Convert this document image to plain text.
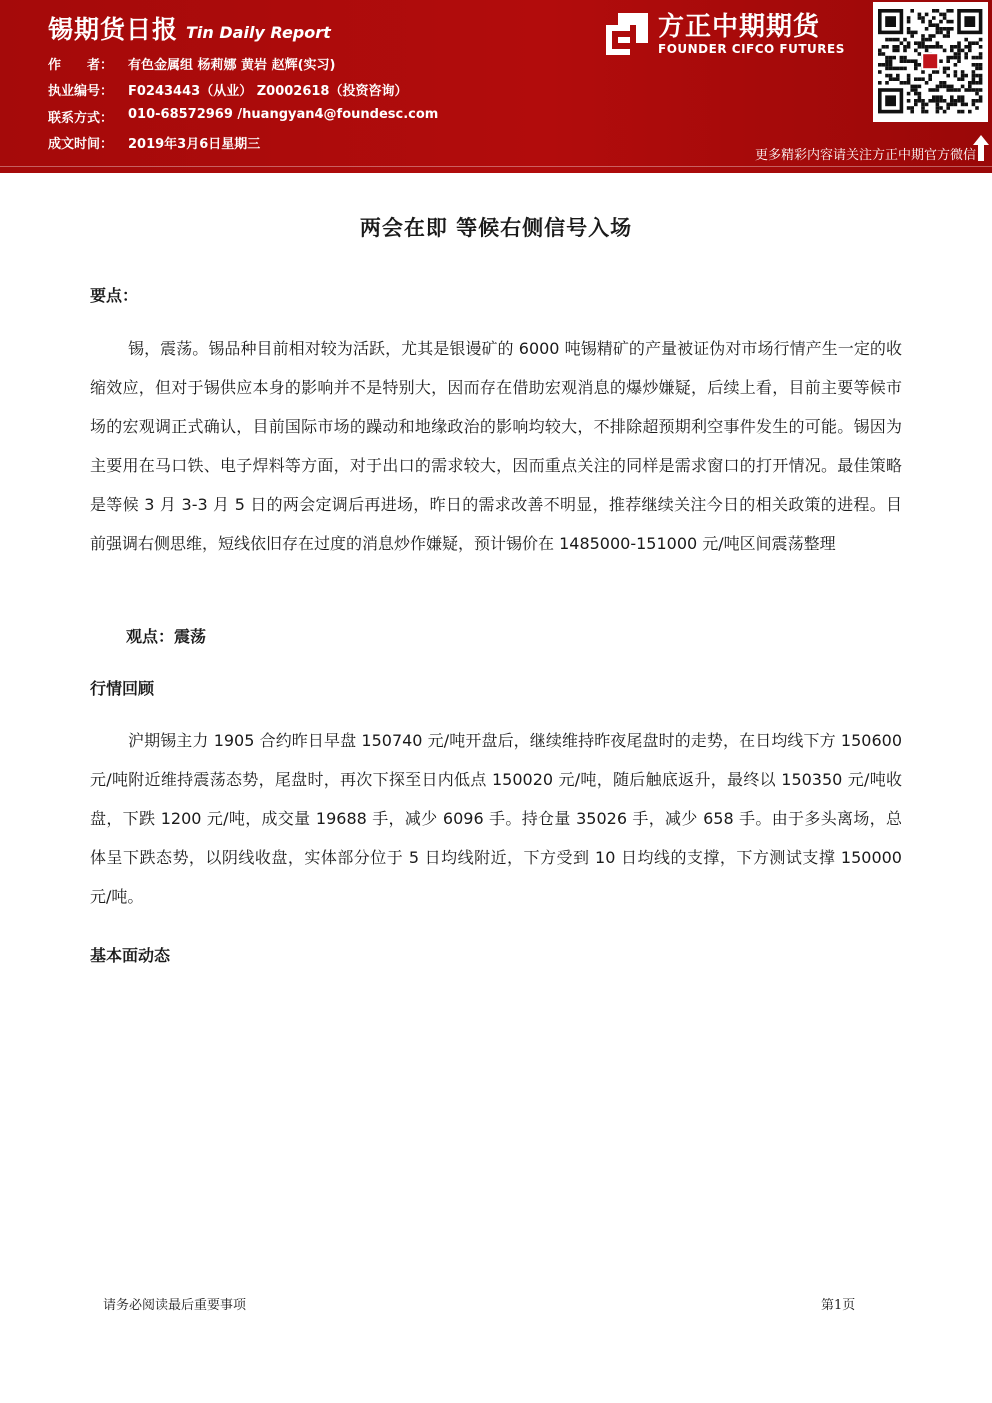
锡期货日报 Tin Daily Report
作　　者：	有色金属组 杨莉娜 黄岩 赵辉(实习)
执业编号：	F0243443（从业） Z0002618（投资咨询）
联系方式：	010-68572969 /huangyan4@foundesc.com
成文时间：	2019年3月6日星期三
方正中期期货
FOUNDER CIFCO FUTURES
更多精彩内容请关注方正中期官方微信
两会在即 等候右侧信号入场
要点：

锡，震荡。锡品种目前相对较为活跃，尤其是银谩矿的 6000 吨锡精矿的产量被证伪对市场行情产生一定的收缩效应，但对于锡供应本身的影响并不是特别大，因而存在借助宏观消息的爆炒嫌疑，后续上看，目前主要等候市场的宏观调正式确认，目前国际市场的躁动和地缘政治的影响均较大，不排除超预期利空事件发生的可能。锡因为主要用在马口铁、电子焊料等方面，对于出口的需求较大，因而重点关注的同样是需求窗口的打开情况。最佳策略是等候 3 月 3-3 月 5 日的两会定调后再进场，昨日的需求改善不明显，推荐继续关注今日的相关政策的进程。目前强调右侧思维，短线依旧存在过度的消息炒作嫌疑，预计锡价在 1485000-151000 元/吨区间震荡整理

观点：震荡
行情回顾

沪期锡主力 1905 合约昨日早盘 150740 元/吨开盘后，继续维持昨夜尾盘时的走势，在日均线下方 150600 元/吨附近维持震荡态势，尾盘时，再次下探至日内低点 150020 元/吨，随后触底返升，最终以 150350 元/吨收盘，下跌 1200 元/吨，成交量 19688 手，减少 6096 手。持仓量 35026 手，减少 658 手。由于多头离场，总体呈下跌态势，以阴线收盘，实体部分位于 5 日均线附近，下方受到 10 日均线的支撑，下方测试支撑 150000 元/吨。

基本面动态
请务必阅读最后重要事项	第1页
